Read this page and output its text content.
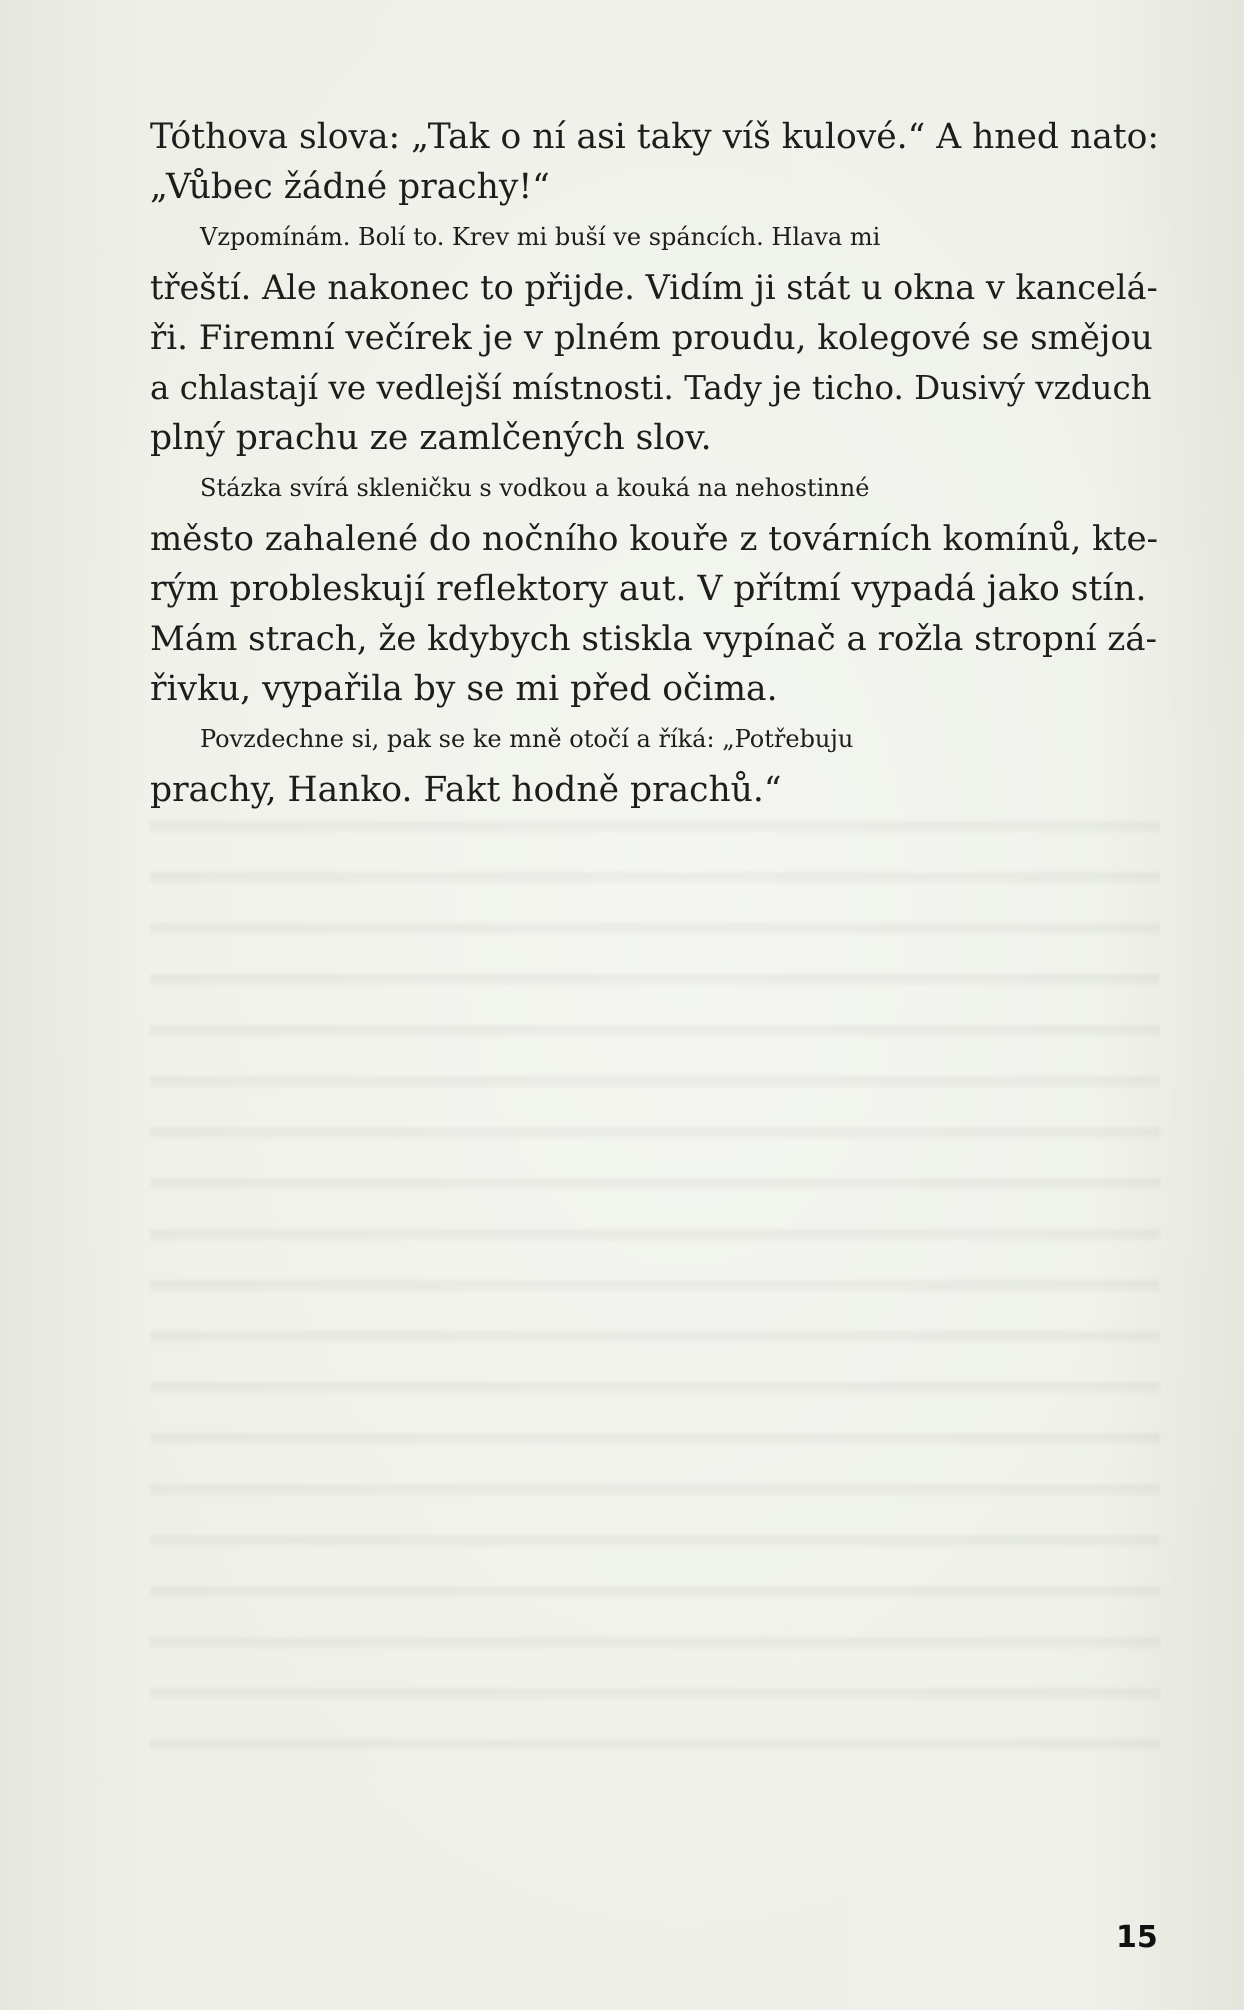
Tóthova slova: „Tak o ní asi taky víš kulové.“ A hned nato:
„Vůbec žádné prachy!“

Vzpomínám. Bolí to. Krev mi buší ve spáncích. Hlava mi
třeští. Ale nakonec to přijde. Vidím ji stát u okna v kancelá-
ři. Firemní večírek je v plném proudu, kolegové se smějou
a chlastají ve vedlejší místnosti. Tady je ticho. Dusivý vzduch
plný prachu ze zamlčených slov.

Stázka svírá skleničku s vodkou a kouká na nehostinné
město zahalené do nočního kouře z továrních komínů, kte-
rým probleskují reflektory aut. V přítmí vypadá jako stín.
Mám strach, že kdybych stiskla vypínač a rožla stropní zá-
řivku, vypařila by se mi před očima.

Povzdechne si, pak se ke mně otočí a říká: „Potřebuju
prachy, Hanko. Fakt hodně prachů.“

15
